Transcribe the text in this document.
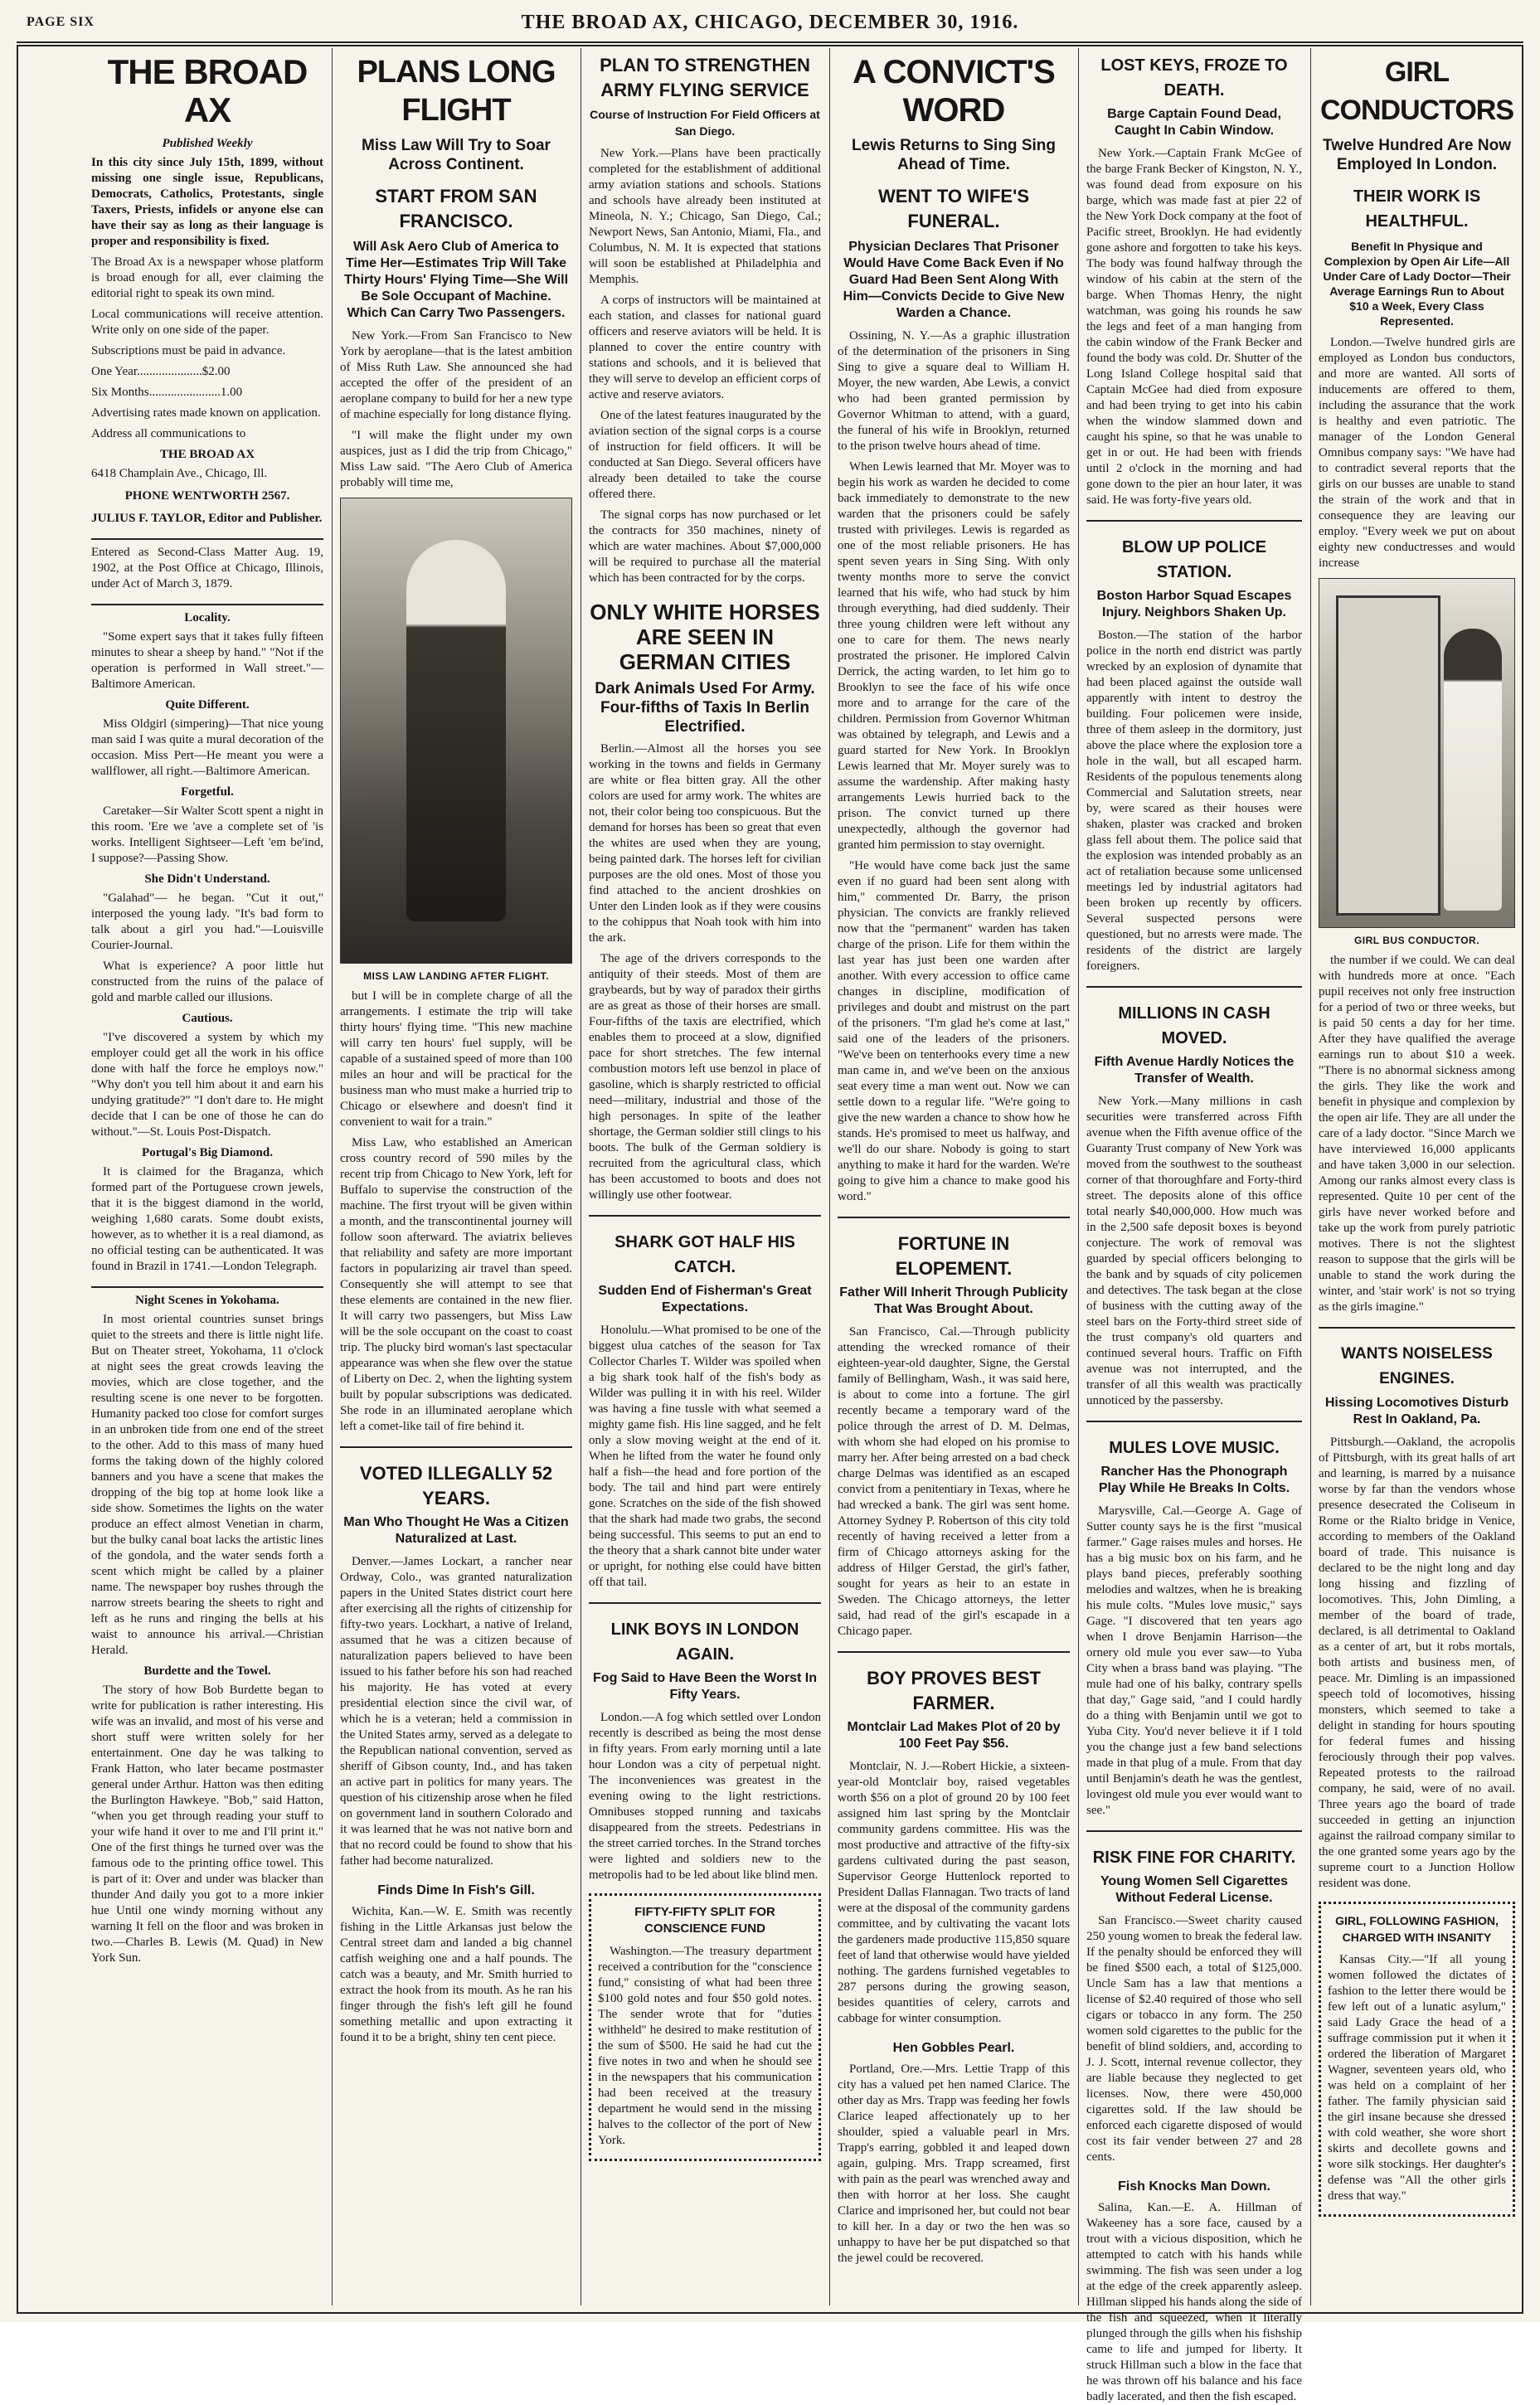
PAGE SIX	THE BROAD AX, CHICAGO, DECEMBER 30, 1916.
THE BROAD AX

Published Weekly

In this city since July 15th, 1899, without missing one single issue, Republicans, Democrats, Catholics, Protestants, single Taxers, Priests, infidels or anyone else can have their say as long as their language is proper and responsibility is fixed.

The Broad Ax is a newspaper whose platform is broad enough for all, ever claiming the editorial right to speak its own mind.

Local communications will receive attention. Write only on one side of the paper.

Subscriptions must be paid in advance.

One Year.....................$2.00

Six Months.......................1.00

Advertising rates made known on application.

Address all communications to

THE BROAD AX

6418 Champlain Ave., Chicago, Ill.

PHONE WENTWORTH 2567.

JULIUS F. TAYLOR, Editor and Publisher.

Entered as Second-Class Matter Aug. 19, 1902, at the Post Office at Chicago, Illinois, under Act of March 3, 1879.

Locality.

"Some expert says that it takes fully fifteen minutes to shear a sheep by hand." "Not if the operation is performed in Wall street."—Baltimore American.

Quite Different.

Miss Oldgirl (simpering)—That nice young man said I was quite a mural decoration of the occasion. Miss Pert—He meant you were a wallflower, all right.—Baltimore American.

Forgetful.

Caretaker—Sir Walter Scott spent a night in this room. 'Ere we 'ave a complete set of 'is works. Intelligent Sightseer—Left 'em be'ind, I suppose?—Passing Show.

She Didn't Understand.

"Galahad"— he began. "Cut it out," interposed the young lady. "It's bad form to talk about a girl you had."—Louisville Courier-Journal.

What is experience? A poor little hut constructed from the ruins of the palace of gold and marble called our illusions.

Cautious.

"I've discovered a system by which my employer could get all the work in his office done with half the force he employs now." "Why don't you tell him about it and earn his undying gratitude?" "I don't dare to. He might decide that I can be one of those he can do without."—St. Louis Post-Dispatch.

Portugal's Big Diamond.

It is claimed for the Braganza, which formed part of the Portuguese crown jewels, that it is the biggest diamond in the world, weighing 1,680 carats. Some doubt exists, however, as to whether it is a real diamond, as no official testing can be authenticated. It was found in Brazil in 1741.—London Telegraph.

Night Scenes in Yokohama.

In most oriental countries sunset brings quiet to the streets and there is little night life. But on Theater street, Yokohama, 11 o'clock at night sees the great crowds leaving the movies, which are close together, and the resulting scene is one never to be forgotten. Humanity packed too close for comfort surges in an unbroken tide from one end of the street to the other. Add to this mass of many hued forms the taking down of the highly colored banners and you have a scene that makes the dropping of the big top at home look like a side show. Sometimes the lights on the water produce an effect almost Venetian in charm, but the bulky canal boat lacks the artistic lines of the gondola, and the water sends forth a scent which might be called by a plainer name. The newspaper boy rushes through the narrow streets bearing the sheets to right and left as he runs and ringing the bells at his waist to announce his arrival.—Christian Herald.

Burdette and the Towel.

The story of how Bob Burdette began to write for publication is rather interesting. His wife was an invalid, and most of his verse and short stuff were written solely for her entertainment. One day he was talking to Frank Hatton, who later became postmaster general under Arthur. Hatton was then editing the Burlington Hawkeye. "Bob," said Hatton, "when you get through reading your stuff to your wife hand it over to me and I'll print it." One of the first things he turned over was the famous ode to the printing office towel. This is part of it: Over and under was blacker than thunder And daily you got to a more inkier hue Until one windy morning without any warning It fell on the floor and was broken in two.—Charles B. Lewis (M. Quad) in New York Sun.

PLANS LONG FLIGHT
Miss Law Will Try to Soar Across Continent.
START FROM SAN FRANCISCO.
Will Ask Aero Club of America to Time Her—Estimates Trip Will Take Thirty Hours' Flying Time—She Will Be Sole Occupant of Machine. Which Can Carry Two Passengers.

New York.—From San Francisco to New York by aeroplane—that is the latest ambition of Miss Ruth Law. She announced she had accepted the offer of the president of an aeroplane company to build for her a new type of machine especially for long distance flying.

"I will make the flight under my own auspices, just as I did the trip from Chicago," Miss Law said. "The Aero Club of America probably will time me,

MISS LAW LANDING AFTER FLIGHT.

but I will be in complete charge of all the arrangements. I estimate the trip will take thirty hours' flying time. "This new machine will carry ten hours' fuel supply, will be capable of a sustained speed of more than 100 miles an hour and will be practical for the business man who must make a hurried trip to Chicago or elsewhere and doesn't find it convenient to wait for a train."

Miss Law, who established an American cross country record of 590 miles by the recent trip from Chicago to New York, left for Buffalo to supervise the construction of the machine. The first tryout will be given within a month, and the transcontinental journey will follow soon afterward. The aviatrix believes that reliability and safety are more important factors in popularizing air travel than speed. Consequently she will attempt to see that these elements are contained in the new flier. It will carry two passengers, but Miss Law will be the sole occupant on the coast to coast trip. The plucky bird woman's last spectacular appearance was when she flew over the statue of Liberty on Dec. 2, when the lighting system built by popular subscriptions was dedicated. She rode in an illuminated aeroplane which left a comet-like tail of fire behind it.

VOTED ILLEGALLY 52 YEARS.
Man Who Thought He Was a Citizen Naturalized at Last.

Denver.—James Lockart, a rancher near Ordway, Colo., was granted naturalization papers in the United States district court here after exercising all the rights of citizenship for fifty-two years. Lockhart, a native of Ireland, assumed that he was a citizen because of naturalization papers believed to have been issued to his father before his son had reached his majority. He has voted at every presidential election since the civil war, of which he is a veteran; held a commission in the United States army, served as a delegate to the Republican national convention, served as sheriff of Gibson county, Ind., and has taken an active part in politics for many years. The question of his citizenship arose when he filed on government land in southern Colorado and it was learned that he was not native born and that no record could be found to show that his father had become naturalized.

Finds Dime In Fish's Gill.

Wichita, Kan.—W. E. Smith was recently fishing in the Little Arkansas just below the Central street dam and landed a big channel catfish weighing one and a half pounds. The catch was a beauty, and Mr. Smith hurried to extract the hook from its mouth. As he ran his finger through the fish's left gill he found something metallic and upon extracting it found it to be a bright, shiny ten cent piece.

PLAN TO STRENGTHEN ARMY FLYING SERVICE
Course of Instruction For Field Officers at San Diego.

New York.—Plans have been practically completed for the establishment of additional army aviation stations and schools. Stations and schools have already been instituted at Mineola, N. Y.; Chicago, San Diego, Cal.; Newport News, San Antonio, Miami, Fla., and Columbus, N. M. It is expected that stations will soon be established at Philadelphia and Memphis.

A corps of instructors will be maintained at each station, and classes for national guard officers and reserve aviators will be held. It is planned to cover the entire country with stations and schools, and it is believed that they will serve to develop an efficient corps of active and reserve aviators.

One of the latest features inaugurated by the aviation section of the signal corps is a course of instruction for field officers. It will be conducted at San Diego. Several officers have already been detailed to take the course offered there.

The signal corps has now purchased or let the contracts for 350 machines, ninety of which are water machines. About $7,000,000 will be required to purchase all the material which has been contracted for by the corps.

ONLY WHITE HORSES ARE SEEN IN GERMAN CITIES
Dark Animals Used For Army. Four-fifths of Taxis In Berlin Electrified.

Berlin.—Almost all the horses you see working in the towns and fields in Germany are white or flea bitten gray. All the other colors are used for army work. The whites are not, their color being too conspicuous. But the demand for horses has been so great that even the whites are used when they are young, being painted dark. The horses left for civilian purposes are the old ones. Most of those you find attached to the ancient droshkies on Unter den Linden look as if they were cousins to the cohippus that Noah took with him into the ark.

The age of the drivers corresponds to the antiquity of their steeds. Most of them are graybeards, but by way of paradox their girths are as great as those of their horses are small. Four-fifths of the taxis are electrified, which enables them to proceed at a slow, dignified pace for short stretches. The few internal combustion motors left use benzol in place of gasoline, which is sharply restricted to official need—military, industrial and those of the high personages. In spite of the leather shortage, the German soldier still clings to his boots. The bulk of the German soldiery is recruited from the agricultural class, which has been accustomed to boots and does not willingly use other footwear.

SHARK GOT HALF HIS CATCH.
Sudden End of Fisherman's Great Expectations.

Honolulu.—What promised to be one of the biggest ulua catches of the season for Tax Collector Charles T. Wilder was spoiled when a big shark took half of the fish's body as Wilder was pulling it in with his reel. Wilder was having a fine tussle with what seemed a mighty game fish. His line sagged, and he felt only a slow moving weight at the end of it. When he lifted from the water he found only half a fish—the head and fore portion of the body. The tail and hind part were entirely gone. Scratches on the side of the fish showed that the shark had made two grabs, the second being successful. This seems to put an end to the theory that a shark cannot bite under water or upright, for nothing else could have bitten off that tail.

LINK BOYS IN LONDON AGAIN.
Fog Said to Have Been the Worst In Fifty Years.

London.—A fog which settled over London recently is described as being the most dense in fifty years. From early morning until a late hour London was a city of perpetual night. The inconveniences was greatest in the evening owing to the light restrictions. Omnibuses stopped running and taxicabs disappeared from the streets. Pedestrians in the street carried torches. In the Strand torches were lighted and soldiers new to the metropolis had to be led about like blind men.

FIFTY-FIFTY SPLIT FOR CONSCIENCE FUND

Washington.—The treasury department received a contribution for the "conscience fund," consisting of what had been three $100 gold notes and four $50 gold notes. The sender wrote that for "duties withheld" he desired to make restitution of the sum of $500. He said he had cut the five notes in two and when he should see in the newspapers that his communication had been received at the treasury department he would send in the missing halves to the collector of the port of New York.

A CONVICT'S WORD
Lewis Returns to Sing Sing Ahead of Time.
WENT TO WIFE'S FUNERAL.
Physician Declares That Prisoner Would Have Come Back Even if No Guard Had Been Sent Along With Him—Convicts Decide to Give New Warden a Chance.

Ossining, N. Y.—As a graphic illustration of the determination of the prisoners in Sing Sing to give a square deal to William H. Moyer, the new warden, Abe Lewis, a convict who had been granted permission by Governor Whitman to attend, with a guard, the funeral of his wife in Brooklyn, returned to the prison twelve hours ahead of time.

When Lewis learned that Mr. Moyer was to begin his work as warden he decided to come back immediately to demonstrate to the new warden that the prisoners could be safely trusted with privileges. Lewis is regarded as one of the most reliable prisoners. He has spent seven years in Sing Sing. With only twenty months more to serve the convict learned that his wife, who had stuck by him through everything, had died suddenly. Their three young children were left without any one to care for them. The news nearly prostrated the prisoner. He implored Calvin Derrick, the acting warden, to let him go to Brooklyn to see the face of his wife once more and to arrange for the care of the children. Permission from Governor Whitman was obtained by telegraph, and Lewis and a guard started for New York. In Brooklyn Lewis learned that Mr. Moyer surely was to assume the wardenship. After making hasty arrangements Lewis hurried back to the prison. The convict turned up there unexpectedly, although the governor had granted him permission to stay overnight.

"He would have come back just the same even if no guard had been sent along with him," commented Dr. Barry, the prison physician. The convicts are frankly relieved now that the "permanent" warden has taken charge of the prison. Life for them within the last year has just been one warden after another. With every accession to office came changes in discipline, modification of privileges and doubt and mistrust on the part of the prisoners. "I'm glad he's come at last," said one of the leaders of the prisoners. "We've been on tenterhooks every time a new man came in, and we've been on the anxious seat every time a man went out. Now we can settle down to a regular life. "We're going to give the new warden a chance to show how he stands. He's promised to meet us halfway, and we'll do our share. Nobody is going to start anything to make it hard for the warden. We're going to give him a chance to make good his word."

FORTUNE IN ELOPEMENT.
Father Will Inherit Through Publicity That Was Brought About.

San Francisco, Cal.—Through publicity attending the wrecked romance of their eighteen-year-old daughter, Signe, the Gerstal family of Bellingham, Wash., it was said here, is about to come into a fortune. The girl recently became a temporary ward of the police through the arrest of D. M. Delmas, with whom she had eloped on his promise to marry her. After being arrested on a bad check charge Delmas was identified as an escaped convict from a penitentiary in Texas, where he had wrecked a bank. The girl was sent home. Attorney Sydney P. Robertson of this city told recently of having received a letter from a firm of Chicago attorneys asking for the address of Hilger Gerstad, the girl's father, sought for years as heir to an estate in Sweden. The Chicago attorneys, the letter said, had read of the girl's escapade in a Chicago paper.

BOY PROVES BEST FARMER.
Montclair Lad Makes Plot of 20 by 100 Feet Pay $56.

Montclair, N. J.—Robert Hickie, a sixteen-year-old Montclair boy, raised vegetables worth $56 on a plot of ground 20 by 100 feet assigned him last spring by the Montclair community gardens committee. His was the most productive and attractive of the fifty-six gardens cultivated during the past season, Supervisor George Huttenlock reported to President Dallas Flannagan. Two tracts of land were at the disposal of the community gardens committee, and by cultivating the vacant lots the gardeners made productive 115,850 square feet of land that otherwise would have yielded nothing. The gardens furnished vegetables to 287 persons during the growing season, besides quantities of celery, carrots and cabbage for winter consumption.

Hen Gobbles Pearl.

Portland, Ore.—Mrs. Lettie Trapp of this city has a valued pet hen named Clarice. The other day as Mrs. Trapp was feeding her fowls Clarice leaped affectionately up to her shoulder, spied a valuable pearl in Mrs. Trapp's earring, gobbled it and leaped down again, gulping. Mrs. Trapp screamed, first with pain as the pearl was wrenched away and then with horror at her loss. She caught Clarice and imprisoned her, but could not bear to kill her. In a day or two the hen was so unhappy to have her be put dispatched so that the jewel could be recovered.

LOST KEYS, FROZE TO DEATH.
Barge Captain Found Dead, Caught In Cabin Window.

New York.—Captain Frank McGee of the barge Frank Becker of Kingston, N. Y., was found dead from exposure on his barge, which was made fast at pier 22 of the New York Dock company at the foot of Pacific street, Brooklyn. He had evidently gone ashore and forgotten to take his keys. The body was found halfway through the window of his cabin at the stern of the barge. When Thomas Henry, the night watchman, was going his rounds he saw the legs and feet of a man hanging from the cabin window of the Frank Becker and found the body was cold. Dr. Shutter of the Long Island College hospital said that Captain McGee had died from exposure and had been trying to get into his cabin when the window slammed down and caught his spine, so that he was unable to get in or out. He had been with friends until 2 o'clock in the morning and had gone down to the pier an hour later, it was said. He was forty-five years old.

BLOW UP POLICE STATION.
Boston Harbor Squad Escapes Injury. Neighbors Shaken Up.

Boston.—The station of the harbor police in the north end district was partly wrecked by an explosion of dynamite that had been placed against the outside wall apparently with intent to destroy the building. Four policemen were inside, three of them asleep in the dormitory, just above the place where the explosion tore a hole in the wall, but all escaped harm. Residents of the populous tenements along Commercial and Salutation streets, near by, were scared as their houses were shaken, plaster was cracked and broken glass fell about them. The police said that the explosion was intended probably as an act of retaliation because some unlicensed meetings led by industrial agitators had been broken up recently by officers. Several suspected persons were questioned, but no arrests were made. The residents of the district are largely foreigners.

MILLIONS IN CASH MOVED.
Fifth Avenue Hardly Notices the Transfer of Wealth.

New York.—Many millions in cash securities were transferred across Fifth avenue when the Fifth avenue office of the Guaranty Trust company of New York was moved from the southwest to the southeast corner of that thoroughfare and Forty-third street. The deposits alone of this office total nearly $40,000,000. How much was in the 2,500 safe deposit boxes is beyond conjecture. The work of removal was guarded by special officers belonging to the bank and by squads of city policemen and detectives. The task began at the close of business with the cutting away of the steel bars on the Forty-third street side of the trust company's old quarters and continued several hours. Traffic on Fifth avenue was not interrupted, and the transfer of all this wealth was practically unnoticed by the passersby.

MULES LOVE MUSIC.
Rancher Has the Phonograph Play While He Breaks In Colts.

Marysville, Cal.—George A. Gage of Sutter county says he is the first "musical farmer." Gage raises mules and horses. He has a big music box on his farm, and he plays band pieces, preferably soothing melodies and waltzes, when he is breaking his mule colts. "Mules love music," says Gage. "I discovered that ten years ago when I drove Benjamin Harrison—the ornery old mule you ever saw—to Yuba City when a brass band was playing. "The mule had one of his balky, contrary spells that day," Gage said, "and I could hardly do a thing with Benjamin until we got to Yuba City. You'd never believe it if I told you the change just a few band selections made in that plug of a mule. From that day until Benjamin's death he was the gentlest, lovingest old mule you ever would want to see."

RISK FINE FOR CHARITY.
Young Women Sell Cigarettes Without Federal License.

San Francisco.—Sweet charity caused 250 young women to break the federal law. If the penalty should be enforced they will be fined $500 each, a total of $125,000. Uncle Sam has a law that mentions a license of $2.40 required of those who sell cigars or tobacco in any form. The 250 women sold cigarettes to the public for the benefit of blind soldiers, and, according to J. J. Scott, internal revenue collector, they are liable because they neglected to get licenses. Now, there were 450,000 cigarettes sold. If the law should be enforced each cigarette disposed of would cost its fair vender between 27 and 28 cents.

Fish Knocks Man Down.

Salina, Kan.—E. A. Hillman of Wakeeney has a sore face, caused by a trout with a vicious disposition, which he attempted to catch with his hands while swimming. The fish was seen under a log at the edge of the creek apparently asleep. Hillman slipped his hands along the side of the fish and squeezed, when it literally plunged through the gills when his fishship came to life and jumped for liberty. It struck Hillman such a blow in the face that he was thrown off his balance and his face badly lacerated, and then the fish escaped.

GIRL CONDUCTORS
Twelve Hundred Are Now Employed In London.
THEIR WORK IS HEALTHFUL.
Benefit In Physique and Complexion by Open Air Life—All Under Care of Lady Doctor—Their Average Earnings Run to About $10 a Week, Every Class Represented.

London.—Twelve hundred girls are employed as London bus conductors, and more are wanted. All sorts of inducements are offered to them, including the assurance that the work is healthy and even patriotic. The manager of the London General Omnibus company says: "We have had to contradict several reports that the girls on our busses are unable to stand the strain of the work and that in consequence they are leaving our employ. "Every week we put on about eighty new conductresses and would increase

GIRL BUS CONDUCTOR.

the number if we could. We can deal with hundreds more at once. "Each pupil receives not only free instruction for a period of two or three weeks, but is paid 50 cents a day for her time. After they have qualified the average earnings run to about $10 a week. "There is no abnormal sickness among the girls. They like the work and benefit in physique and complexion by the open air life. They are all under the care of a lady doctor. "Since March we have interviewed 16,000 applicants and have taken 3,000 in our selection. Among our ranks almost every class is represented. Quite 10 per cent of the girls have never worked before and take up the work from purely patriotic motives. There is not the slightest reason to suppose that the girls will be unable to stand the work during the winter, and 'stair work' is not so trying as the girls imagine."

WANTS NOISELESS ENGINES.
Hissing Locomotives Disturb Rest In Oakland, Pa.

Pittsburgh.—Oakland, the acropolis of Pittsburgh, with its great halls of art and learning, is marred by a nuisance worse by far than the vendors whose presence desecrated the Coliseum in Rome or the Rialto bridge in Venice, according to members of the Oakland board of trade. This nuisance is declared to be the night long and day long hissing and fizzling of locomotives. This, John Dimling, a member of the board of trade, declared, is all detrimental to Oakland as a center of art, but it robs mortals, both artists and business men, of peace. Mr. Dimling is an impassioned speech told of locomotives, hissing monsters, which seemed to take a delight in standing for hours spouting for federal fumes and hissing ferociously through their pop valves. Repeated protests to the railroad company, he said, were of no avail. Three years ago the board of trade succeeded in getting an injunction against the railroad company similar to the one granted some years ago by the supreme court to a Junction Hollow resident was done.

GIRL, FOLLOWING FASHION, CHARGED WITH INSANITY

Kansas City.—"If all young women followed the dictates of fashion to the letter there would be few left out of a lunatic asylum," said Lady Grace the head of a suffrage commission put it when it ordered the liberation of Margaret Wagner, seventeen years old, who was held on a complaint of her father. The family physician said the girl insane because she dressed with cold weather, she wore short skirts and decollete gowns and wore silk stockings. Her daughter's defense was "All the other girls dress that way."
